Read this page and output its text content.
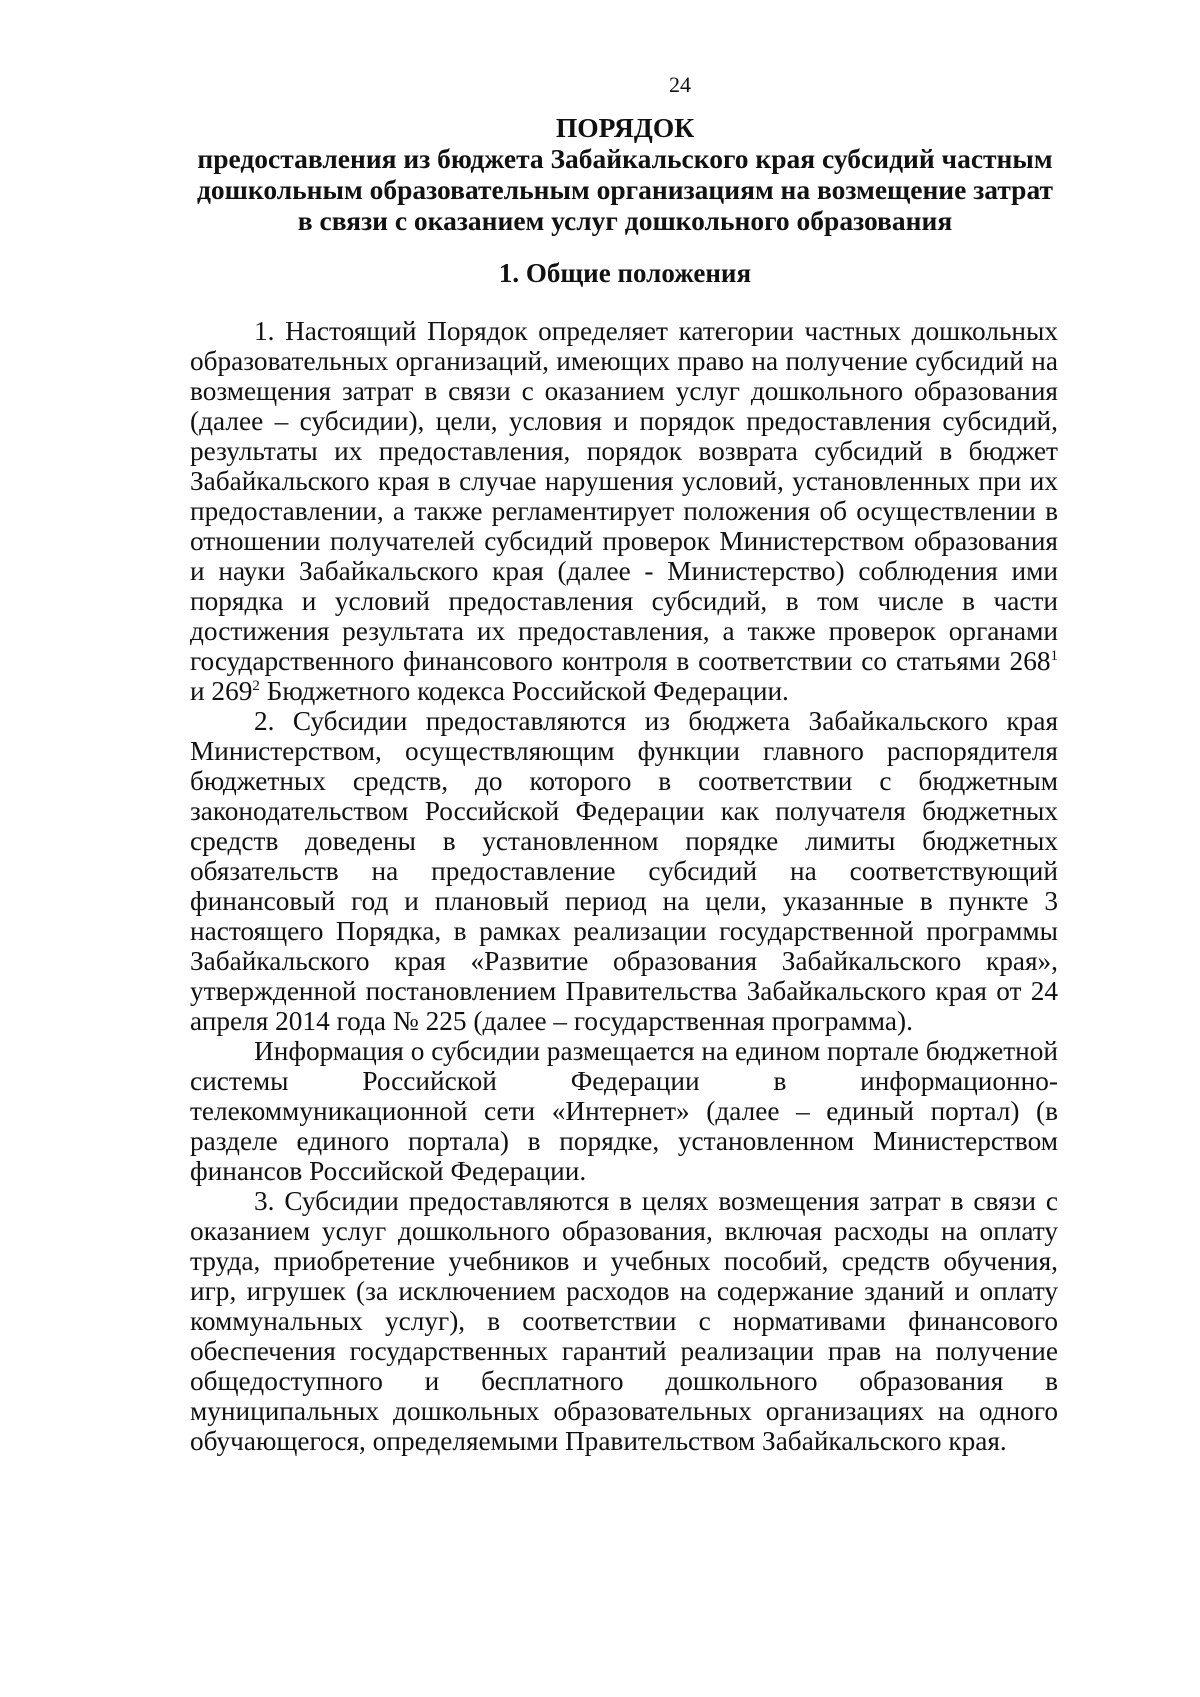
24
ПОРЯДОК
предоставления из бюджета Забайкальского края субсидий частным
дошкольным образовательным организациям на возмещение затрат
в связи с оказанием услуг дошкольного образования
1. Общие положения

1. Настоящий Порядок определяет категории частных дошкольных образовательных организаций, имеющих право на получение субсидий на возмещения затрат в связи с оказанием услуг дошкольного образования (далее – субсидии), цели, условия и порядок предоставления субсидий, результаты их предоставления, порядок возврата субсидий в бюджет Забайкальского края в случае нарушения условий, установленных при их предоставлении, а также регламентирует положения об осуществлении в отношении получателей субсидий проверок Министерством образования и науки Забайкальского края (далее - Министерство) соблюдения ими порядка и условий предоставления субсидий, в том числе в части достижения результата их предоставления, а также проверок органами государственного финансового контроля в соответствии со статьями $268^1$ и $269^2$ Бюджетного кодекса Российской Федерации.

2. Субсидии предоставляются из бюджета Забайкальского края Министерством, осуществляющим функции главного распорядителя бюджетных средств, до которого в соответствии с бюджетным законодательством Российской Федерации как получателя бюджетных средств доведены в установленном порядке лимиты бюджетных обязательств на предоставление субсидий на соответствующий финансовый год и плановый период на цели, указанные в пункте 3 настоящего Порядка, в рамках реализации государственной программы Забайкальского края «Развитие образования Забайкальского края», утвержденной постановлением Правительства Забайкальского края от 24 апреля 2014 года № 225 (далее – государственная программа).

Информация о субсидии размещается на едином портале бюджетной системы Российской Федерации в информационно-телекоммуникационной сети «Интернет» (далее – единый портал) (в разделе единого портала) в порядке, установленном Министерством финансов Российской Федерации.

3. Субсидии предоставляются в целях возмещения затрат в связи с оказанием услуг дошкольного образования, включая расходы на оплату труда, приобретение учебников и учебных пособий, средств обучения, игр, игрушек (за исключением расходов на содержание зданий и оплату коммунальных услуг), в соответствии с нормативами финансового обеспечения государственных гарантий реализации прав на получение общедоступного и бесплатного дошкольного образования в муниципальных дошкольных образовательных организациях на одного обучающегося, определяемыми Правительством Забайкальского края.
